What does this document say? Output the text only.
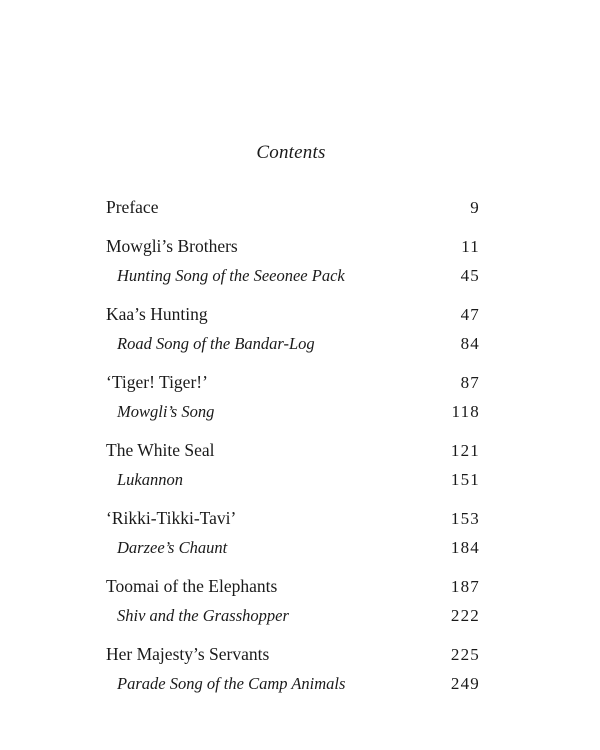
Contents
Preface	9
Mowgli’s Brothers	11
Hunting Song of the Seeonee Pack	45
Kaa’s Hunting	47
Road Song of the Bandar-Log	84
‘Tiger! Tiger!’	87
Mowgli’s Song	118
The White Seal	121
Lukannon	151
‘Rikki-Tikki-Tavi’	153
Darzee’s Chaunt	184
Toomai of the Elephants	187
Shiv and the Grasshopper	222
Her Majesty’s Servants	225
Parade Song of the Camp Animals	249
